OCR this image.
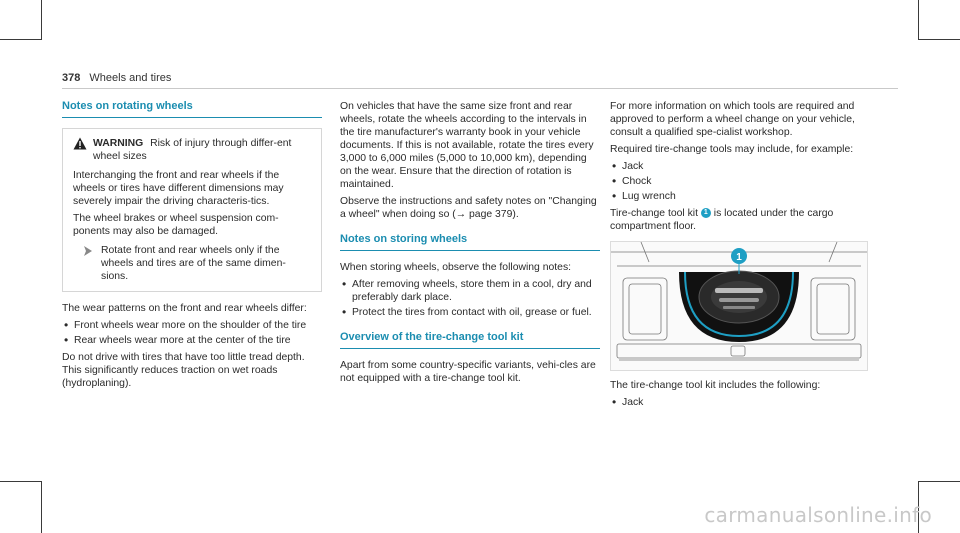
378 Wheels and tires
Notes on rotating wheels
WARNING Risk of injury through differ-ent wheel sizes

Interchanging the front and rear wheels if the wheels or tires have different dimensions may severely impair the driving characteris-tics.

The wheel brakes or wheel suspension com-ponents may also be damaged.

Rotate front and rear wheels only if the wheels and tires are of the same dimen-sions.

The wear patterns on the front and rear wheels differ:

• Front wheels wear more on the shoulder of the tire
• Rear wheels wear more at the center of the tire

Do not drive with tires that have too little tread depth. This significantly reduces traction on wet roads (hydroplaning).

On vehicles that have the same size front and rear wheels, rotate the wheels according to the intervals in the tire manufacturer's warranty book in your vehicle documents. If this is not available, rotate the tires every 3,000 to 6,000 miles (5,000 to 10,000 km), depending on the wear. Ensure that the direction of rotation is maintained.

Observe the instructions and safety notes on "Changing a wheel" when doing so (→ page 379).

Notes on storing wheels

When storing wheels, observe the following notes:

• After removing wheels, store them in a cool, dry and preferably dark place.
• Protect the tires from contact with oil, grease or fuel.
Overview of the tire-change tool kit

Apart from some country-specific variants, vehi-cles are not equipped with a tire-change tool kit.

For more information on which tools are required and approved to perform a wheel change on your vehicle, consult a qualified spe-cialist workshop.

Required tire-change tools may include, for example:

• Jack
• Chock
• Lug wrench

Tire-change tool kit 1 is located under the cargo compartment floor.

1

The tire-change tool kit includes the following:

• Jack
carmanualsonline.info
